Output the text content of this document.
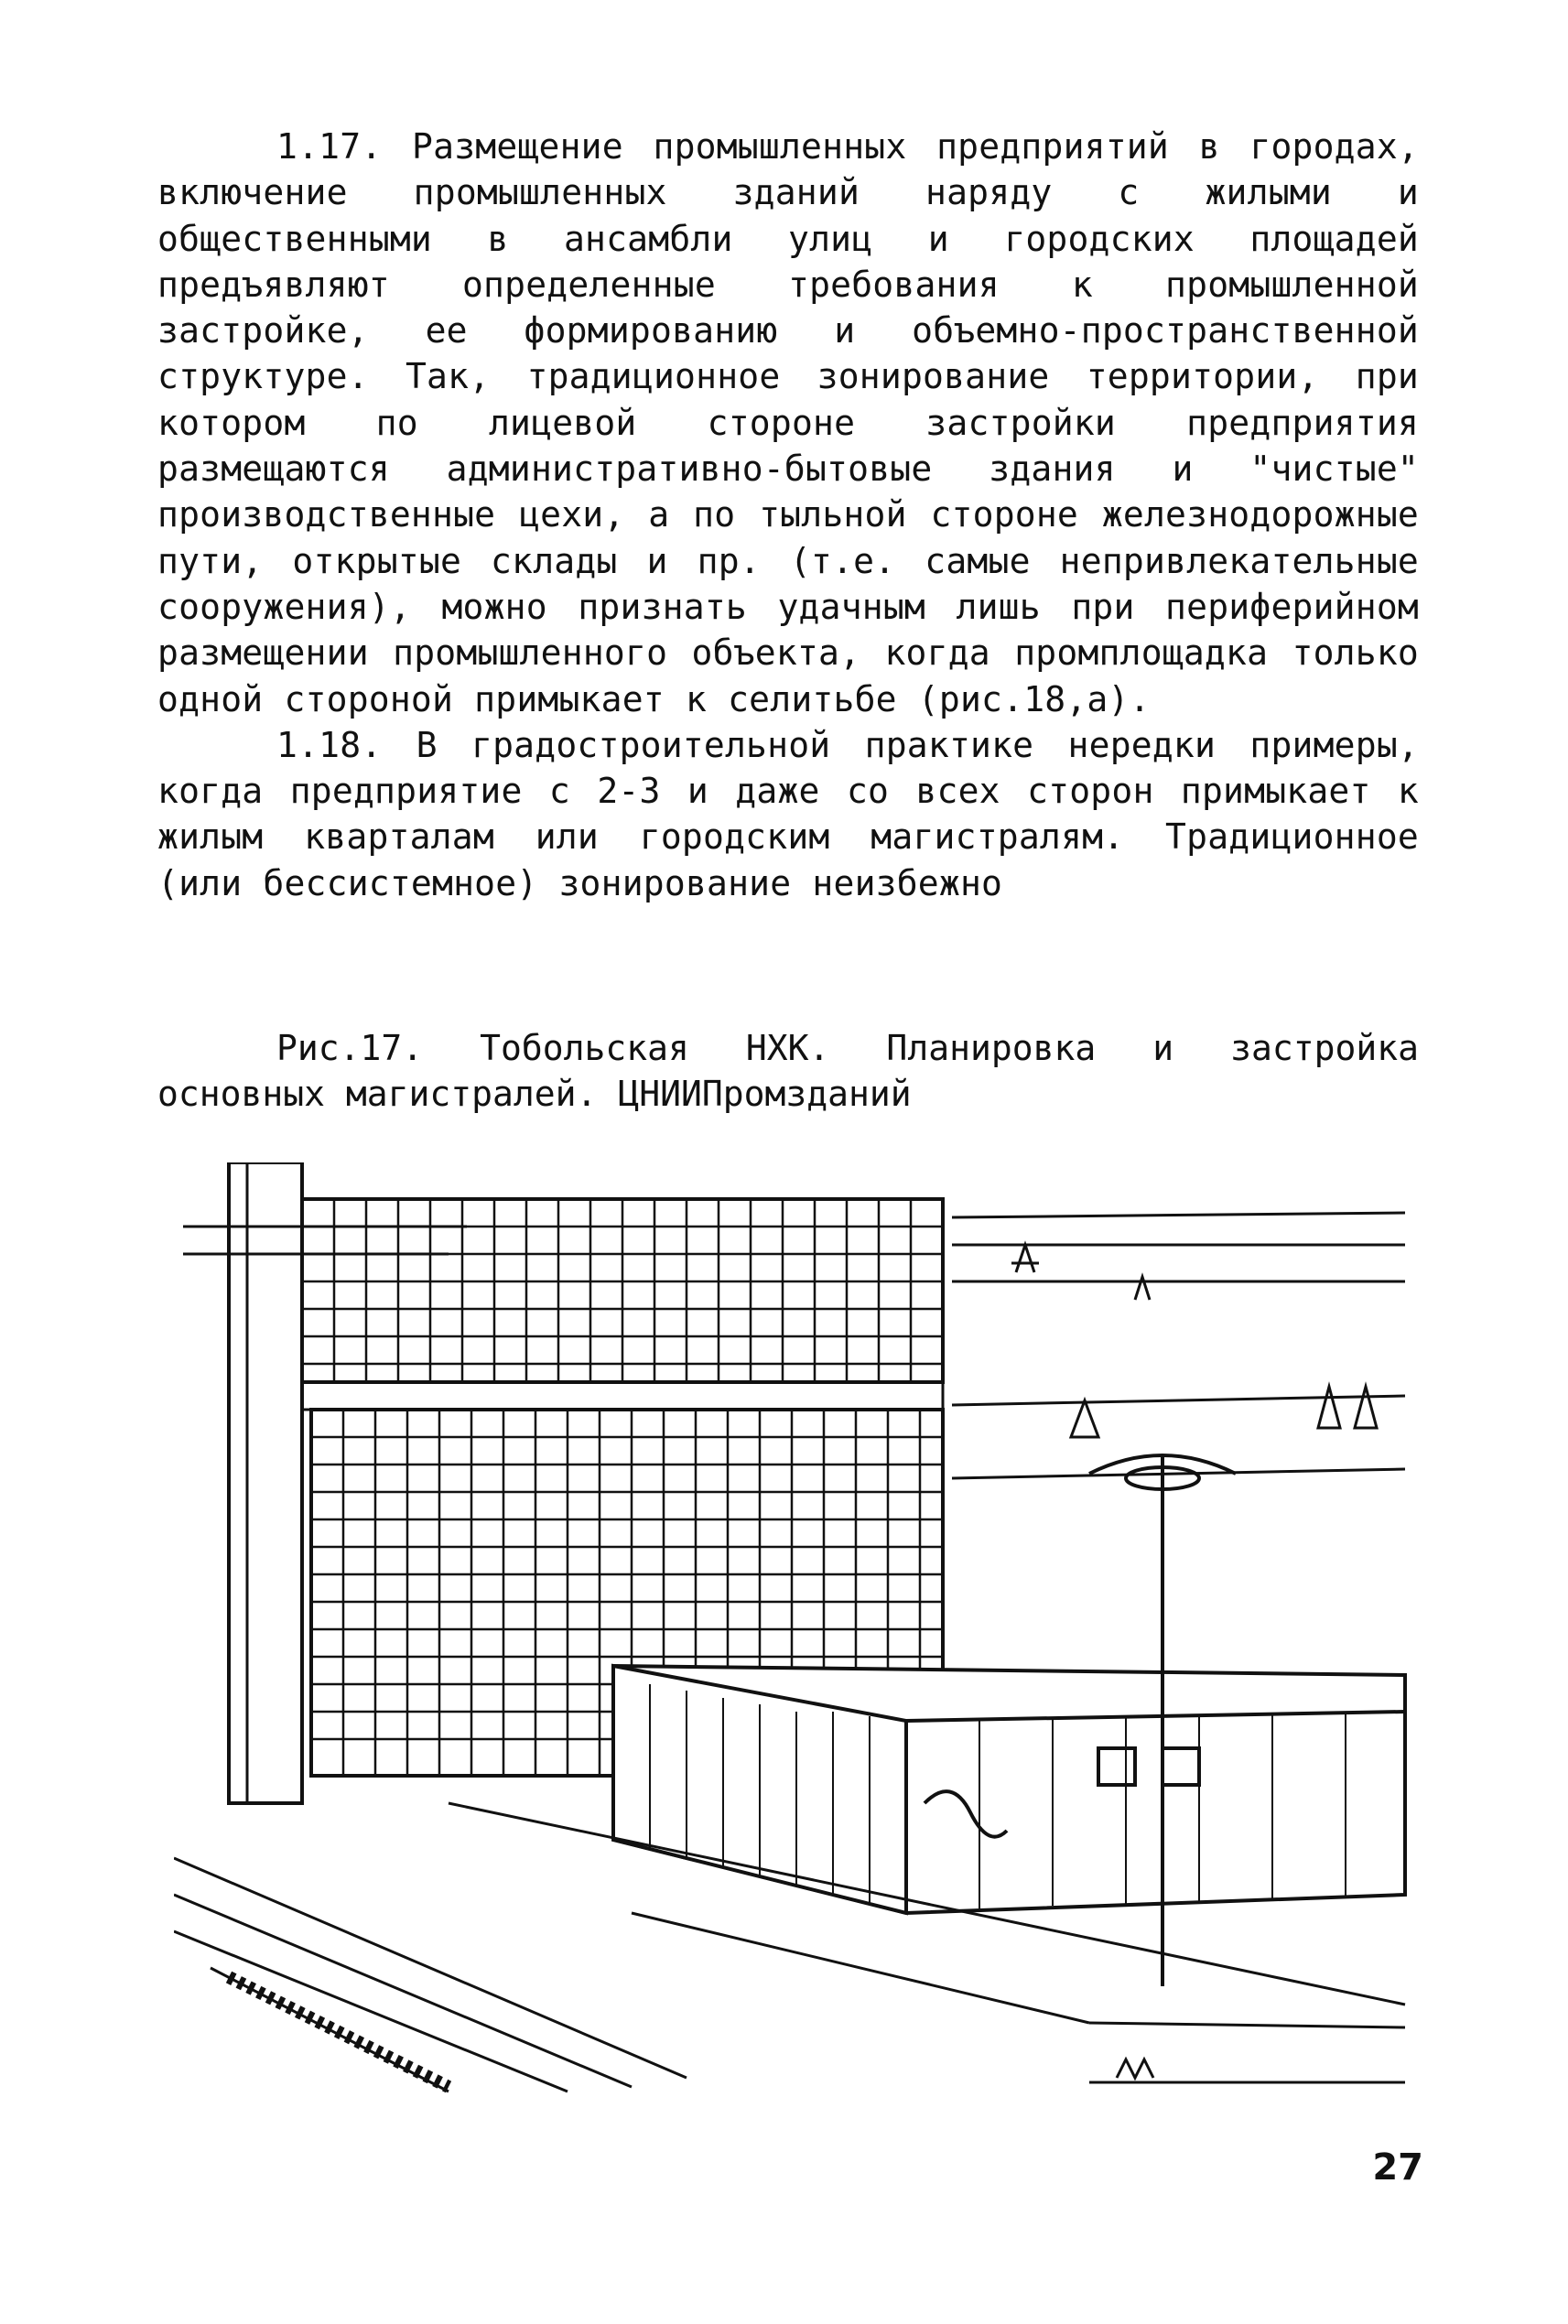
1.17. Размещение промышленных предприятий в городах, включение промышленных зданий наряду с жилыми и общественными в ансамбли улиц и городских площадей предъявляют определенные требования к промышленной застройке, ее формированию и объемно-пространственной структуре. Так, традиционное зонирование территории, при котором по лицевой стороне застройки предприятия размещаются административно-бытовые здания и "чистые" производственные цехи, а по тыльной стороне железнодорожные пути, открытые склады и пр. (т.е. самые непривлекательные сооружения), можно признать удачным лишь при периферийном размещении промышленного объекта, когда промплощадка только одной стороной примыкает к селитьбе (рис.18,а).

1.18. В градостроительной практике нередки примеры, когда предприятие с 2-3 и даже со всех сторон примыкает к жилым кварталам или городским магистралям. Традиционное (или бессистемное) зонирование неизбежно

Рис.17. Тобольская НХК. Планировка и застройка основных магистралей. ЦНИИПромзданий

27
